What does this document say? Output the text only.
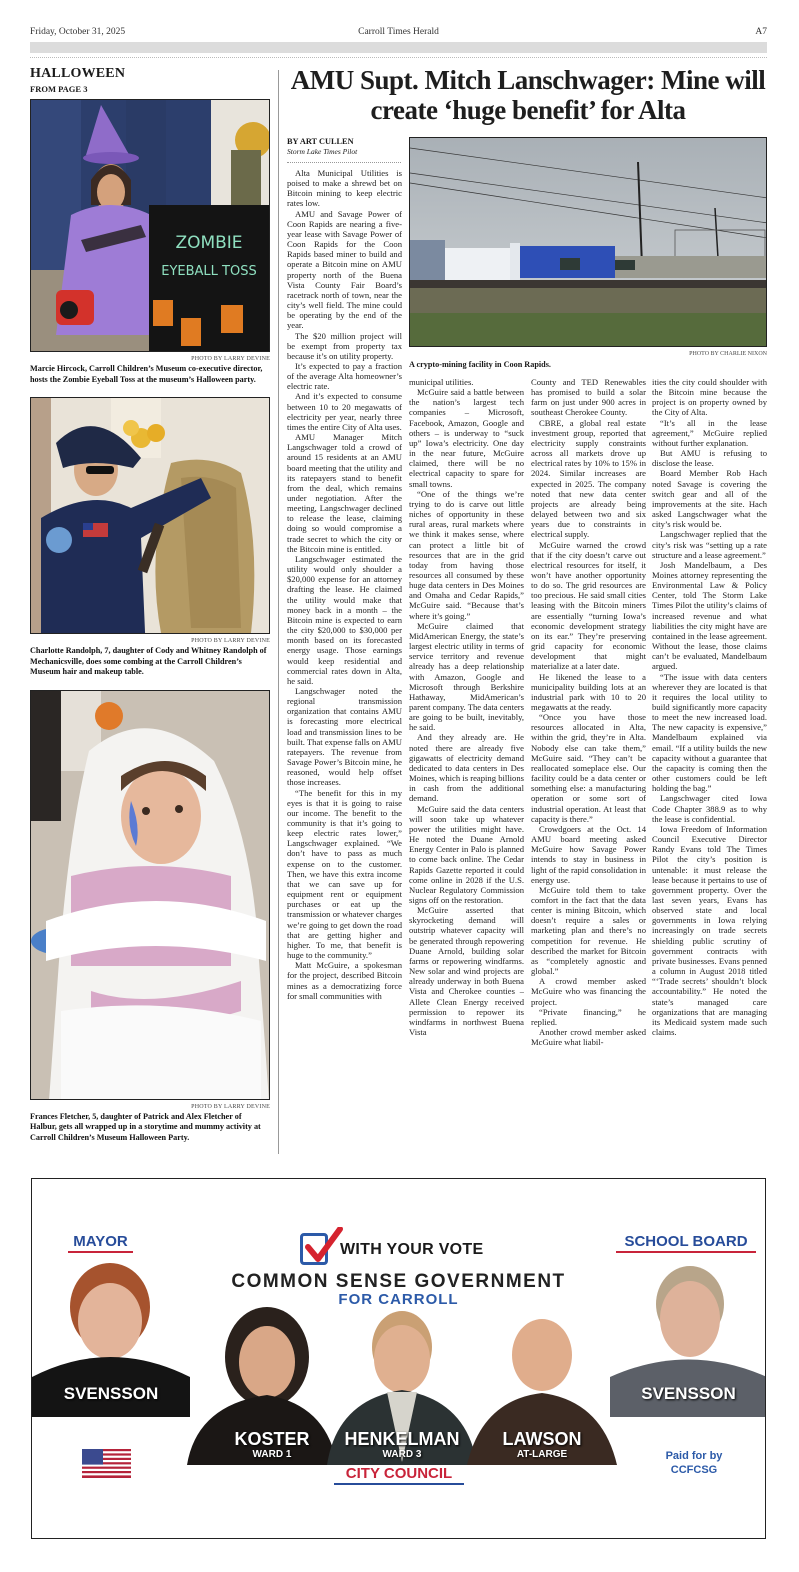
Friday, October 31, 2025	Carroll Times Herald	A7
HALLOWEEN
FROM PAGE 3
ZOMBIE
EYEBALL TOSS
PHOTO BY LARRY DEVINE
Marcie Hircock, Carroll Children’s Museum co-executive director, hosts the Zombie Eyeball Toss at the museum’s Halloween party.
PHOTO BY LARRY DEVINE
Charlotte Randolph, 7, daughter of Cody and Whitney Randolph of Mechanicsville, does some combing at the Carroll Children’s Museum hair and makeup table.
PHOTO BY LARRY DEVINE
Frances Fletcher, 5, daughter of Patrick and Alex Fletcher of Halbur, gets all wrapped up in a storytime and mummy activity at Carroll Children’s Museum Halloween Party.
AMU Supt. Mitch Lanschwager: Mine will create ‘huge benefit’ for Alta
BY ART CULLEN
Storm Lake Times Pilot
PHOTO BY CHARLIE NIXON
A crypto-mining facility in Coon Rapids.

Alta Municipal Utilities is poised to make a shrewd bet on Bitcoin mining to keep electric rates low.

AMU and Savage Power of Coon Rapids are nearing a five-year lease with Savage Power of Coon Rapids for the Coon Rapids based miner to build and operate a Bitcoin mine on AMU property north of the Buena Vista County Fair Board’s racetrack north of town, near the city’s well field. The mine could be operating by the end of the year.

The $20 million project will be exempt from property tax because it’s on utility property.

It’s expected to pay a fraction of the average Alta homeowner’s electric rate.

And it’s expected to consume between 10 to 20 megawatts of electricity per year, nearly three times the entire City of Alta uses.

AMU Manager Mitch Langschwager told a crowd of around 15 residents at an AMU board meeting that the utility and its ratepayers stand to benefit from the deal, which remains under negotiation. After the meeting, Langschwager declined to release the lease, claiming doing so would compromise a trade secret to which the city or the Bitcoin mine is entitled.

Langschwager estimated the utility would only shoulder a $20,000 expense for an attorney drafting the lease. He claimed the utility would make that money back in a month – the Bitcoin mine is expected to earn the city $20,000 to $30,000 per month based on its forecasted energy usage. Those earnings would keep residential and commercial rates down in Alta, he said.

Langschwager noted the regional transmission organization that contains AMU is forecasting more electrical load and transmission lines to be built. That expense falls on AMU ratepayers. The revenue from Savage Power’s Bitcoin mine, he reasoned, would help offset those increases.

“The benefit for this in my eyes is that it is going to raise our income. The benefit to the community is that it’s going to keep electric rates lower,” Langschwager explained. “We don’t have to pass as much expense on to the customer. Then, we have this extra income that we can save up for equipment rent or equipment purchases or eat up the transmission or whatever charges we’re going to get down the road that are getting higher and higher. To me, that benefit is huge to the community.”

Matt McGuire, a spokesman for the project, described Bitcoin mines as a democratizing force for small communities with

municipal utilities.

McGuire said a battle between the nation’s largest tech companies – Microsoft, Facebook, Amazon, Google and others – is underway to “suck up” Iowa’s electricity. One day in the near future, McGuire claimed, there will be no electrical capacity to spare for small towns.

“One of the things we’re trying to do is carve out little niches of opportunity in these rural areas, rural markets where we think it makes sense, where can protect a little bit of resources that are in the grid today from having those resources all consumed by these huge data centers in Des Moines and Omaha and Cedar Rapids,” McGuire said. “Because that’s where it’s going.”

McGuire claimed that MidAmerican Energy, the state’s largest electric utility in terms of service territory and revenue already has a deep relationship with Amazon, Google and Microsoft through Berkshire Hathaway, MidAmerican’s parent company. The data centers are going to be built, inevitably, he said.

And they already are. He noted there are already five gigawatts of electricity demand dedicated to data centers in Des Moines, which is reaping billions in cash from the additional demand.

McGuire said the data centers will soon take up whatever power the utilities might have. He noted the Duane Arnold Energy Center in Palo is planned to come back online. The Cedar Rapids Gazette reported it could come online in 2028 if the U.S. Nuclear Regulatory Commission signs off on the restoration.

McGuire asserted that skyrocketing demand will outstrip whatever capacity will be generated through repowering Duane Arnold, building solar farms or repowering windfarms. New solar and wind projects are already underway in both Buena Vista and Cherokee counties – Allete Clean Energy received permission to repower its windfarms in northwest Buena Vista

County and TED Renewables has promised to build a solar farm on just under 900 acres in southeast Cherokee County.

CBRE, a global real estate investment group, reported that electricity supply constraints across all markets drove up electrical rates by 10% to 15% in 2024. Similar increases are expected in 2025. The company noted that new data center projects are already being delayed between two and six years due to constraints in electrical supply.

McGuire warned the crowd that if the city doesn’t carve out electrical resources for itself, it won’t have another opportunity to do so. The grid resources are too precious. He said small cities leasing with the Bitcoin miners are essentially “turning Iowa’s economic development strategy on its ear.” They’re preserving grid capacity for economic development that might materialize at a later date.

He likened the lease to a municipality building lots at an industrial park with 10 to 20 megawatts at the ready.

“Once you have those resources allocated in Alta, within the grid, they’re in Alta. Nobody else can take them,” McGuire said. “They can’t be reallocated someplace else. Our facility could be a data center or something else: a manufacturing operation or some sort of industrial operation. At least that capacity is there.”

Crowdgoers at the Oct. 14 AMU board meeting asked McGuire how Savage Power intends to stay in business in light of the rapid consolidation in energy use.

McGuire told them to take comfort in the fact that the data center is mining Bitcoin, which doesn’t require a sales or marketing plan and there’s no competition for revenue. He described the market for Bitcoin as “completely agnostic and global.”

A crowd member asked McGuire who was financing the project.

“Private financing,” he replied.

Another crowd member asked McGuire what liabil-

ities the city could shoulder with the Bitcoin mine because the project is on property owned by the City of Alta.

“It’s all in the lease agreement,” McGuire replied without further explanation.

But AMU is refusing to disclose the lease.

Board Member Rob Hach noted Savage is covering the switch gear and all of the improvements at the site. Hach asked Langschwager what the city’s risk would be.

Langschwager replied that the city’s risk was “setting up a rate structure and a lease agreement.”

Josh Mandelbaum, a Des Moines attorney representing the Environmental Law & Policy Center, told The Storm Lake Times Pilot the utility’s claims of increased revenue and what liabilities the city might have are contained in the lease agreement. Without the lease, those claims can’t be evaluated, Mandelbaum argued.

“The issue with data centers wherever they are located is that it requires the local utility to build significantly more capacity to meet the new increased load. The new capacity is expensive,” Mandelbaum explained via email. “If a utility builds the new capacity without a guarantee that the capacity is coming then the other customers could be left holding the bag.”

Langschwager cited Iowa Code Chapter 388.9 as to why the lease is confidential.

Iowa Freedom of Information Council Executive Director Randy Evans told The Times Pilot the city’s position is untenable: it must release the lease because it pertains to use of government property. Over the last seven years, Evans has observed state and local governments in Iowa relying increasingly on trade secrets shielding public scrutiny of government contracts with private businesses. Evans penned a column in August 2018 titled “‘Trade secrets’ shouldn’t block accountability.” He noted the state’s managed care organizations that are managing its Medicaid system made such claims.

MAYOR	SCHOOL BOARD
WITH YOUR VOTE
COMMON SENSE GOVERNMENT
FOR CARROLL
SVENSSON	SVENSSON
KOSTER
WARD 1
HENKELMAN
WARD 3
LAWSON
AT-LARGE
CITY COUNCIL
Paid for by
CCFCSG
